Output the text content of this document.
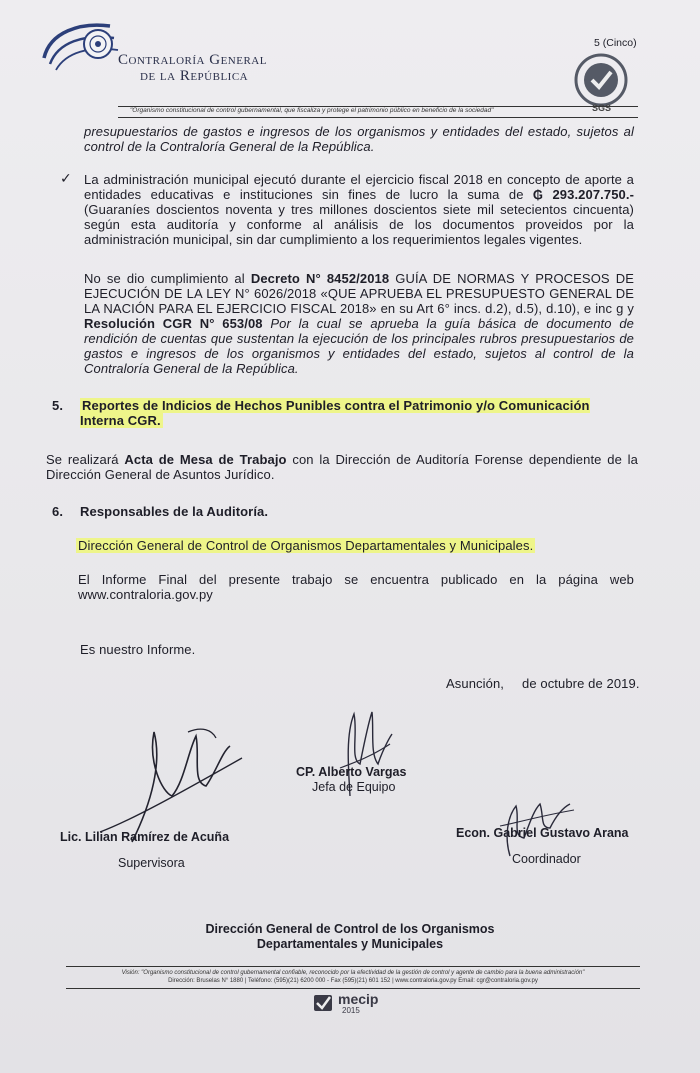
Contraloría General
de la República
5 (Cinco)
SGS
"Organismo constitucional de control gubernamental, que fiscaliza y protege el patrimonio público en beneficio de la sociedad"
presupuestarios de gastos e ingresos de los organismos y entidades del estado, sujetos al control de la Contraloría General de la República.
✓ La administración municipal ejecutó durante el ejercicio fiscal 2018 en concepto de aporte a entidades educativas e instituciones sin fines de lucro la suma de ₲ 293.207.750.- (Guaraníes doscientos noventa y tres millones doscientos siete mil setecientos cincuenta) según esta auditoría y conforme al análisis de los documentos proveidos por la administración municipal, sin dar cumplimiento a los requerimientos legales vigentes.
No se dio cumplimiento al Decreto N° 8452/2018 GUÍA DE NORMAS Y PROCESOS DE EJECUCIÓN DE LA LEY N° 6026/2018 «QUE APRUEBA EL PRESUPUESTO GENERAL DE LA NACIÓN PARA EL EJERCICIO FISCAL 2018» en su Art 6° incs. d.2), d.5), d.10), e inc g y Resolución CGR N° 653/08 Por la cual se aprueba la guía básica de documento de rendición de cuentas que sustentan la ejecución de los principales rubros presupuestarios de gastos e ingresos de los organismos y entidades del estado, sujetos al control de la Contraloría General de la República.
5. Reportes de Indicios de Hechos Punibles contra el Patrimonio y/o Comunicación Interna CGR.
Se realizará Acta de Mesa de Trabajo con la Dirección de Auditoría Forense dependiente de la Dirección General de Asuntos Jurídico.
6. Responsables de la Auditoría.
Dirección General de Control de Organismos Departamentales y Municipales.
El Informe Final del presente trabajo se encuentra publicado en la página web www.contraloria.gov.py
Es nuestro Informe.
Asunción, de octubre de 2019.
CP. Alberto Vargas
Jefa de Equipo
Lic. Lilian Ramírez de Acuña
Supervisora
Econ. Gabriel Gustavo Arana
Coordinador
Dirección General de Control de los Organismos
Departamentales y Municipales
Visión: "Organismo constitucional de control gubernamental confiable, reconocido por la efectividad de la gestión de control y agente de cambio para la buena administración"
Dirección: Bruselas N° 1880 | Teléfono: (595)(21) 6200 000 - Fax (595)(21) 601 152 | www.contraloria.gov.py Email: cgr@contraloria.gov.py
mecip
2015
